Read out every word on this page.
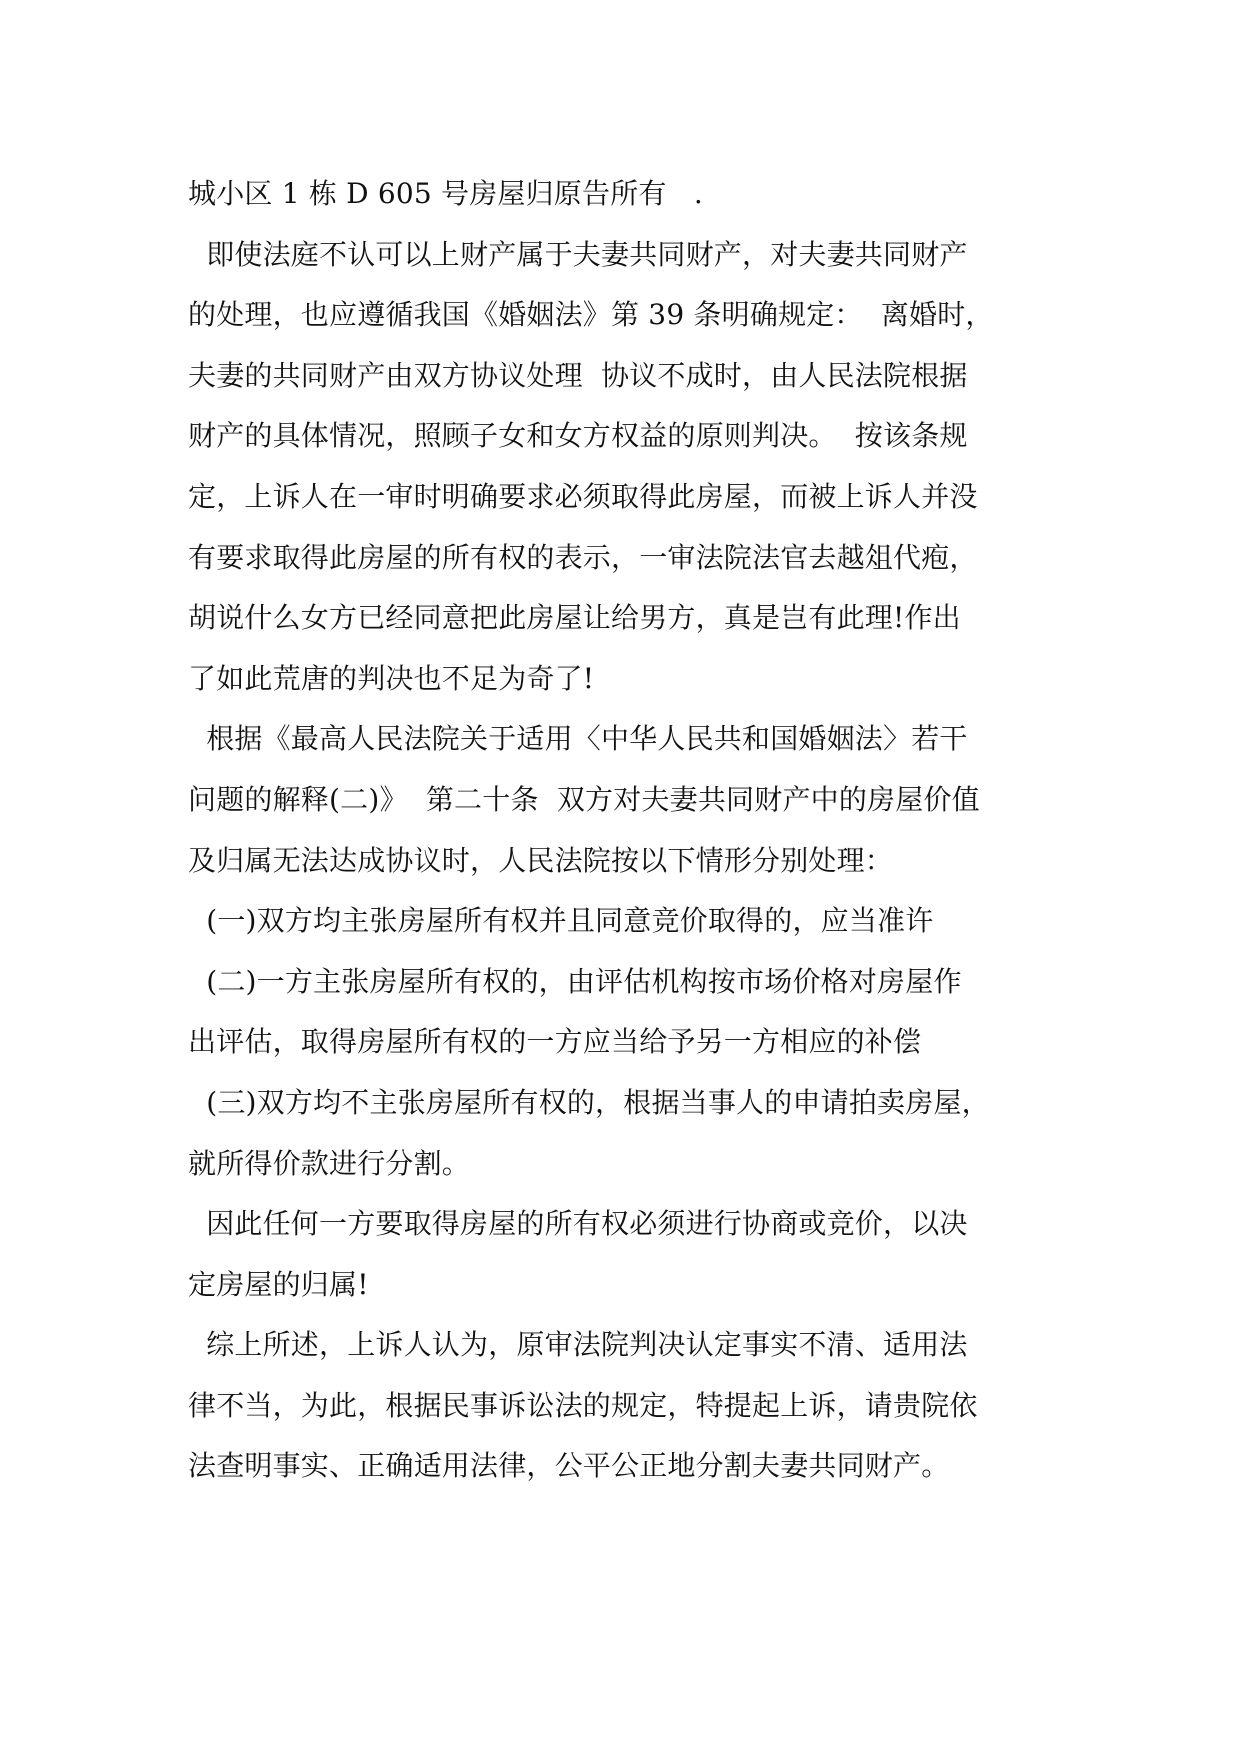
城小区 1 栋 D 605 号房屋归原告所有   .
即使法庭不认可以上财产属于夫妻共同财产，对夫妻共同财产
的处理，也应遵循我国《婚姻法》第 39 条明确规定：  离婚时，
夫妻的共同财产由双方协议处理  协议不成时，由人民法院根据
财产的具体情况，照顾子女和女方权益的原则判决。  按该条规
定，上诉人在一审时明确要求必须取得此房屋，而被上诉人并没
有要求取得此房屋的所有权的表示，一审法院法官去越俎代疱，
胡说什么女方已经同意把此房屋让给男方，真是岂有此理!作出
了如此荒唐的判决也不足为奇了!
根据《最高人民法院关于适用〈中华人民共和国婚姻法〉若干
问题的解释(二)》  第二十条  双方对夫妻共同财产中的房屋价值
及归属无法达成协议时，人民法院按以下情形分别处理：
(一)双方均主张房屋所有权并且同意竞价取得的，应当准许
(二)一方主张房屋所有权的，由评估机构按市场价格对房屋作
出评估，取得房屋所有权的一方应当给予另一方相应的补偿
(三)双方均不主张房屋所有权的，根据当事人的申请拍卖房屋，
就所得价款进行分割。
因此任何一方要取得房屋的所有权必须进行协商或竞价，以决
定房屋的归属!
综上所述，上诉人认为，原审法院判决认定事实不清、适用法
律不当，为此，根据民事诉讼法的规定，特提起上诉，请贵院依
法查明事实、正确适用法律，公平公正地分割夫妻共同财产。
